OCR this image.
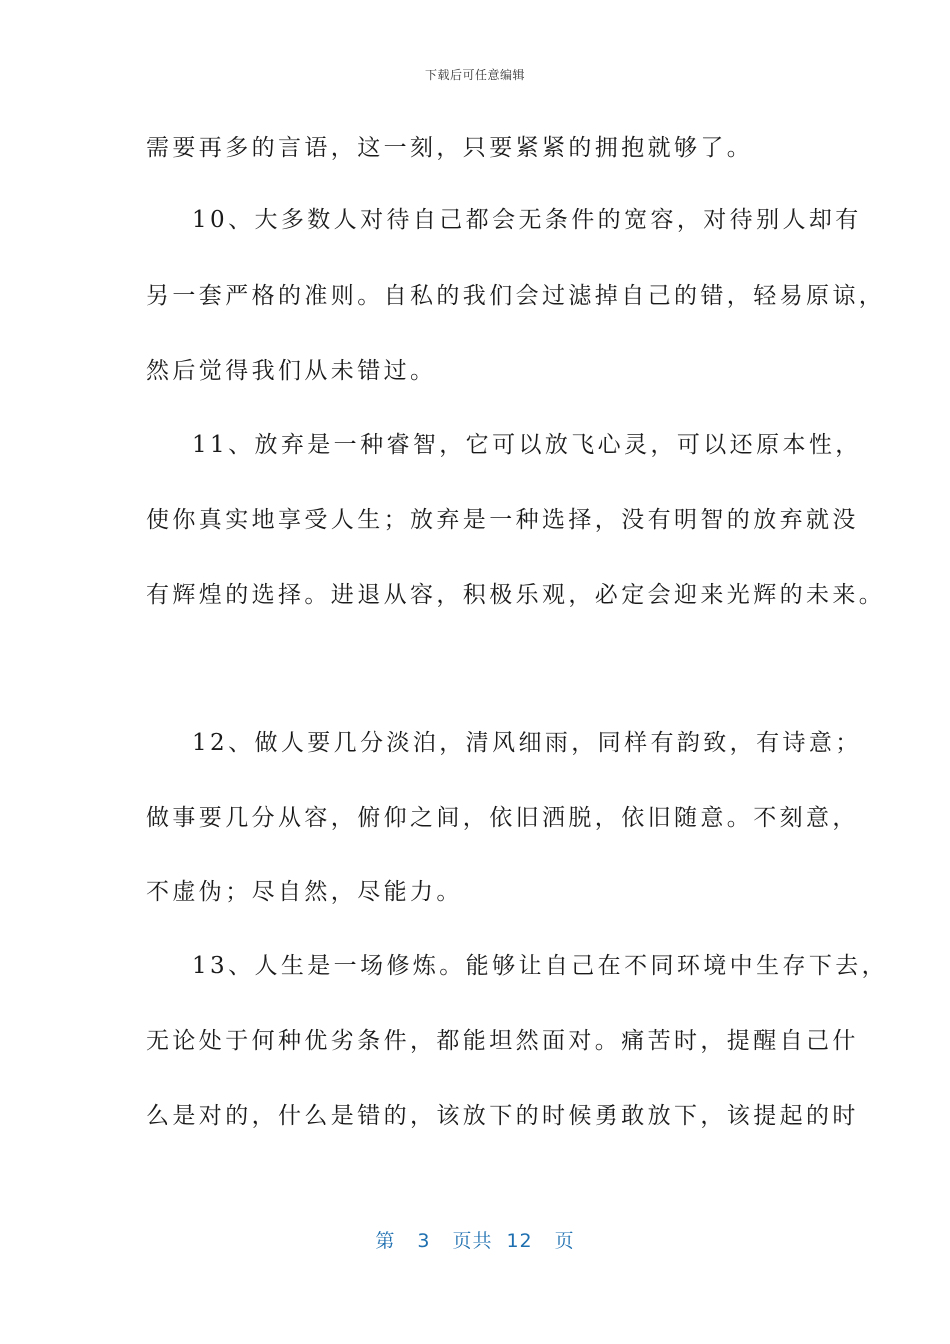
下载后可任意编辑
需要再多的言语，这一刻，只要紧紧的拥抱就够了。
10、大多数人对待自己都会无条件的宽容，对待别人却有
另一套严格的准则。自私的我们会过滤掉自己的错，轻易原谅，
然后觉得我们从未错过。
11、放弃是一种睿智，它可以放飞心灵，可以还原本性，
使你真实地享受人生；放弃是一种选择，没有明智的放弃就没
有辉煌的选择。进退从容，积极乐观，必定会迎来光辉的未来。
12、做人要几分淡泊，清风细雨，同样有韵致，有诗意；
做事要几分从容，俯仰之间，依旧洒脱，依旧随意。不刻意，
不虚伪；尽自然，尽能力。
13、人生是一场修炼。能够让自己在不同环境中生存下去，
无论处于何种优劣条件，都能坦然面对。痛苦时，提醒自己什
么是对的，什么是错的，该放下的时候勇敢放下，该提起的时
第 3 页共 12 页
